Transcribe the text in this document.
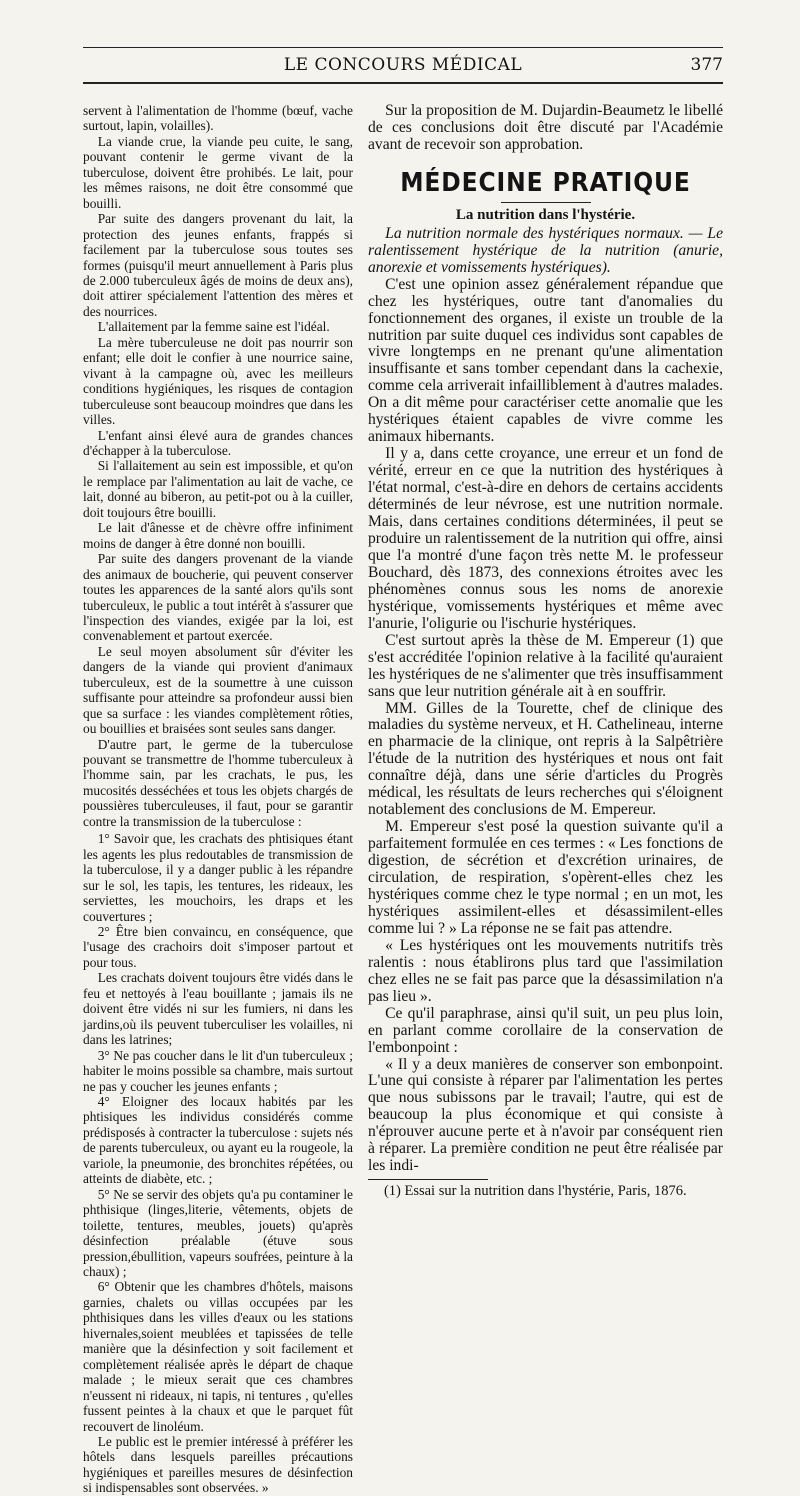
LE CONCOURS MÉDICAL	377

servent à l'alimentation de l'homme (bœuf, vache surtout, lapin, volailles).

La viande crue, la viande peu cuite, le sang, pouvant contenir le germe vivant de la tuberculose, doivent être prohibés. Le lait, pour les mêmes raisons, ne doit être consommé que bouilli.

Par suite des dangers provenant du lait, la protection des jeunes enfants, frappés si facilement par la tuberculose sous toutes ses formes (puisqu'il meurt annuellement à Paris plus de 2.000 tuberculeux âgés de moins de deux ans), doit attirer spécialement l'attention des mères et des nourrices.

L'allaitement par la femme saine est l'idéal.

La mère tuberculeuse ne doit pas nourrir son enfant; elle doit le confier à une nourrice saine, vivant à la campagne où, avec les meilleurs conditions hygiéniques, les risques de contagion tuberculeuse sont beaucoup moindres que dans les villes.

L'enfant ainsi élevé aura de grandes chances d'échapper à la tuberculose.

Si l'allaitement au sein est impossible, et qu'on le remplace par l'alimentation au lait de vache, ce lait, donné au biberon, au petit-pot ou à la cuiller, doit toujours être bouilli.

Le lait d'ânesse et de chèvre offre infiniment moins de danger à être donné non bouilli.

Par suite des dangers provenant de la viande des animaux de boucherie, qui peuvent conserver toutes les apparences de la santé alors qu'ils sont tuberculeux, le public a tout intérêt à s'assurer que l'inspection des viandes, exigée par la loi, est convenablement et partout exercée.

Le seul moyen absolument sûr d'éviter les dangers de la viande qui provient d'animaux tuberculeux, est de la soumettre à une cuisson suffisante pour atteindre sa profondeur aussi bien que sa surface : les viandes complètement rôties, ou bouillies et braisées sont seules sans danger.

D'autre part, le germe de la tuberculose pouvant se transmettre de l'homme tuberculeux à l'homme sain, par les crachats, le pus, les mucosités desséchées et tous les objets chargés de poussières tuberculeuses, il faut, pour se garantir contre la transmission de la tuberculose :

1° Savoir que, les crachats des phtisiques étant les agents les plus redoutables de transmission de la tuberculose, il y a danger public à les répandre sur le sol, les tapis, les tentures, les rideaux, les serviettes, les mouchoirs, les draps et les couvertures ;

2° Être bien convaincu, en conséquence, que l'usage des crachoirs doit s'imposer partout et pour tous.

Les crachats doivent toujours être vidés dans le feu et nettoyés à l'eau bouillante ; jamais ils ne doivent être vidés ni sur les fumiers, ni dans les jardins,où ils peuvent tuberculiser les volailles, ni dans les latrines;

3° Ne pas coucher dans le lit d'un tuberculeux ; habiter le moins possible sa chambre, mais surtout ne pas y coucher les jeunes enfants ;

4° Eloigner des locaux habités par les phtisiques les individus considérés comme prédisposés à contracter la tuberculose : sujets nés de parents tuberculeux, ou ayant eu la rougeole, la variole, la pneumonie, des bronchites répétées, ou atteints de diabète, etc. ;

5° Ne se servir des objets qu'a pu contaminer le phthisique (linges,literie, vêtements, objets de toilette, tentures, meubles, jouets) qu'après désinfection préalable (étuve sous pression,ébullition, vapeurs soufrées, peinture à la chaux) ;

6° Obtenir que les chambres d'hôtels, maisons garnies, chalets ou villas occupées par les phthisiques dans les villes d'eaux ou les stations hivernales,soient meublées et tapissées de telle manière que la désinfection y soit facilement et complètement réalisée après le départ de chaque malade ; le mieux serait que ces chambres n'eussent ni rideaux, ni tapis, ni tentures , qu'elles fussent peintes à la chaux et que le parquet fût recouvert de linoléum.

Le public est le premier intéressé à préférer les hôtels dans lesquels pareilles précautions hygiéniques et pareilles mesures de désinfection si indispensables sont observées. »

Sur la proposition de M. Dujardin-Beaumetz le libellé de ces conclusions doit être discuté par l'Académie avant de recevoir son approbation.

MÉDECINE PRATIQUE
La nutrition dans l'hystérie.

La nutrition normale des hystériques normaux. — Le ralentissement hystérique de la nutrition (anurie, anorexie et vomissements hystériques).

C'est une opinion assez généralement répandue que chez les hystériques, outre tant d'anomalies du fonctionnement des organes, il existe un trouble de la nutrition par suite duquel ces individus sont capables de vivre longtemps en ne prenant qu'une alimentation insuffisante et sans tomber cependant dans la cachexie, comme cela arriverait infailliblement à d'autres malades. On a dit même pour caractériser cette anomalie que les hystériques étaient capables de vivre comme les animaux hibernants.

Il y a, dans cette croyance, une erreur et un fond de vérité, erreur en ce que la nutrition des hystériques à l'état normal, c'est-à-dire en dehors de certains accidents déterminés de leur névrose, est une nutrition normale. Mais, dans certaines conditions déterminées, il peut se produire un ralentissement de la nutrition qui offre, ainsi que l'a montré d'une façon très nette M. le professeur Bouchard, dès 1873, des connexions étroites avec les phénomènes connus sous les noms de anorexie hystérique, vomissements hystériques et même avec l'anurie, l'oligurie ou l'ischurie hystériques.

C'est surtout après la thèse de M. Empereur (1) que s'est accréditée l'opinion relative à la facilité qu'auraient les hystériques de ne s'alimenter que très insuffisamment sans que leur nutrition générale ait à en souffrir.

MM. Gilles de la Tourette, chef de clinique des maladies du système nerveux, et H. Cathelineau, interne en pharmacie de la clinique, ont repris à la Salpêtrière l'étude de la nutrition des hystériques et nous ont fait connaître déjà, dans une série d'articles du Progrès médical, les résultats de leurs recherches qui s'éloignent notablement des conclusions de M. Empereur.

M. Empereur s'est posé la question suivante qu'il a parfaitement formulée en ces termes : « Les fonctions de digestion, de sécrétion et d'excrétion urinaires, de circulation, de respiration, s'opèrent-elles chez les hystériques comme chez le type normal ; en un mot, les hystériques assimilent-elles et désassimilent-elles comme lui ? » La réponse ne se fait pas attendre.

« Les hystériques ont les mouvements nutritifs très ralentis : nous établirons plus tard que l'assimilation chez elles ne se fait pas parce que la désassimilation n'a pas lieu ».

Ce qu'il paraphrase, ainsi qu'il suit, un peu plus loin, en parlant comme corollaire de la conservation de l'embonpoint :

« Il y a deux manières de conserver son embonpoint. L'une qui consiste à réparer par l'alimentation les pertes que nous subissons par le travail; l'autre, qui est de beaucoup la plus économique et qui consiste à n'éprouver aucune perte et à n'avoir par conséquent rien à réparer. La première condition ne peut être réalisée par les indi-

(1) Essai sur la nutrition dans l'hystérie, Paris, 1876.
